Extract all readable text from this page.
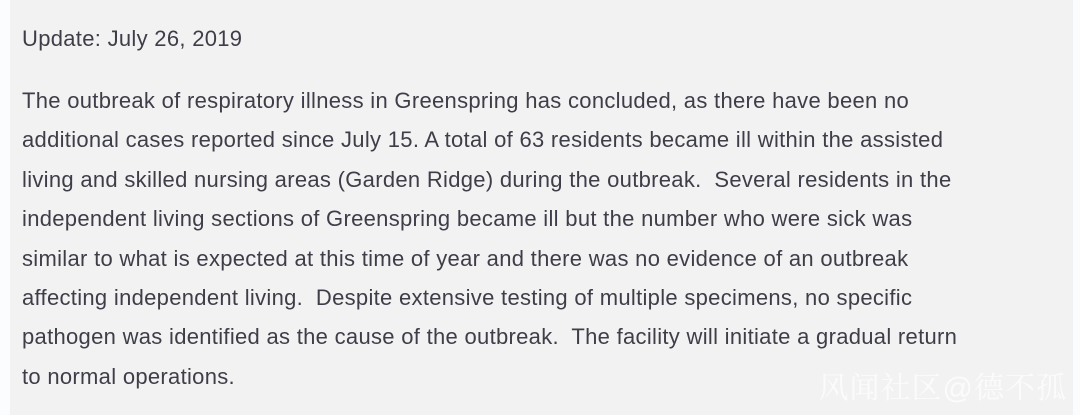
Update: July 26, 2019
The outbreak of respiratory illness in Greenspring has concluded, as there have been no
additional cases reported since July 15. A total of 63 residents became ill within the assisted
living and skilled nursing areas (Garden Ridge) during the outbreak.  Several residents in the
independent living sections of Greenspring became ill but the number who were sick was
similar to what is expected at this time of year and there was no evidence of an outbreak
affecting independent living.  Despite extensive testing of multiple specimens, no specific
pathogen was identified as the cause of the outbreak.  The facility will initiate a gradual return
to normal operations.	风闻社区@德不孤
